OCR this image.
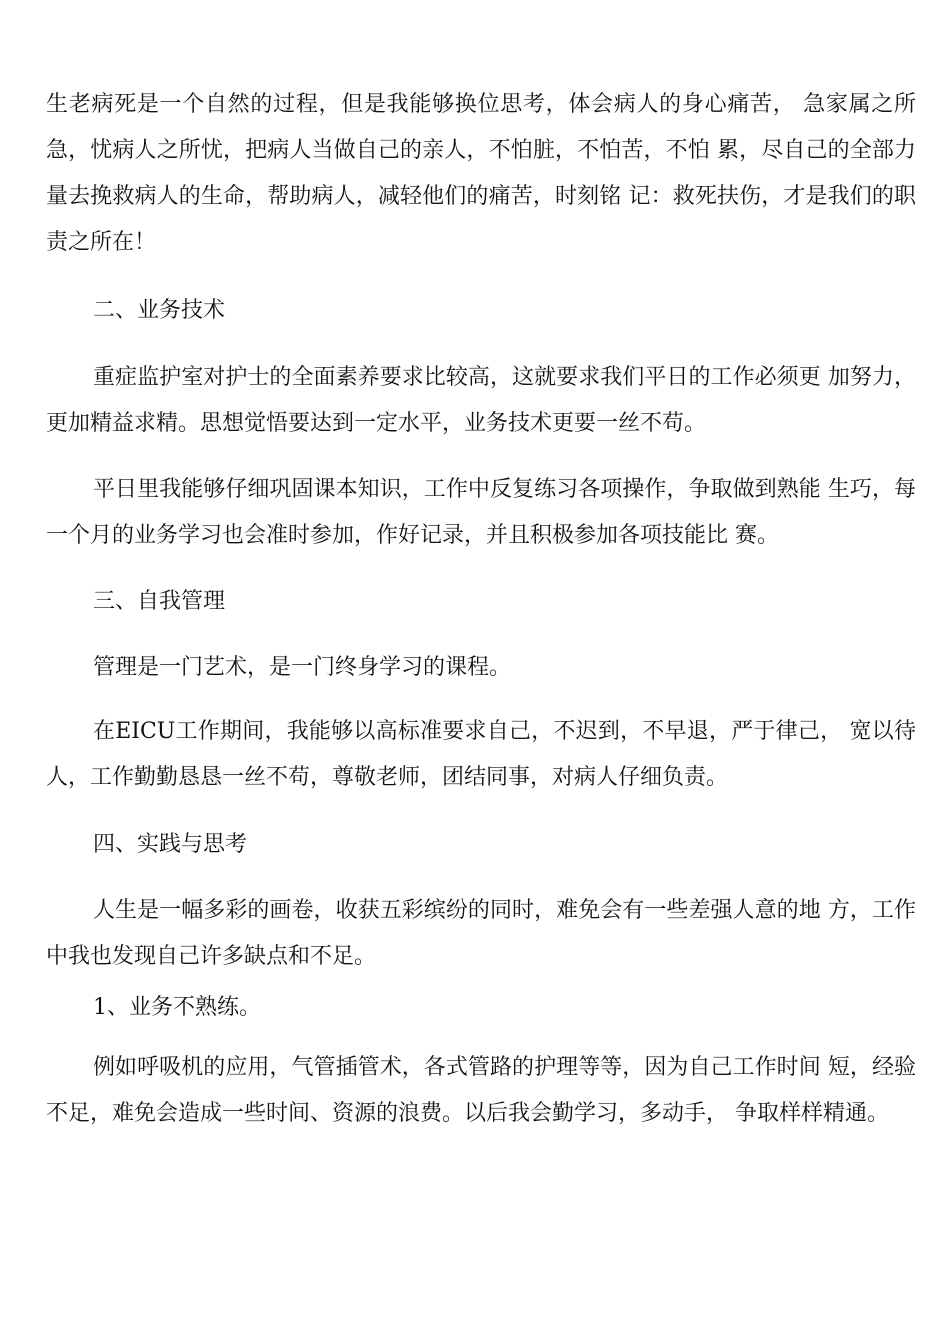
生老病死是一个自然的过程，但是我能够换位思考，体会病人的身心痛苦， 急家属之所急，忧病人之所忧，把病人当做自己的亲人，不怕脏，不怕苦，不怕 累，尽自己的全部力量去挽救病人的生命，帮助病人，减轻他们的痛苦，时刻铭 记：救死扶伤，才是我们的职责之所在！

二、业务技术

重症监护室对护士的全面素养要求比较高，这就要求我们平日的工作必须更 加努力，更加精益求精。思想觉悟要达到一定水平，业务技术更要一丝不苟。

平日里我能够仔细巩固课本知识，工作中反复练习各项操作，争取做到熟能 生巧，每一个月的业务学习也会准时参加，作好记录，并且积极参加各项技能比 赛。

三、自我管理

管理是一门艺术，是一门终身学习的课程。

在EICU工作期间，我能够以高标准要求自己，不迟到，不早退，严于律己， 宽以待人，工作勤勤恳恳一丝不苟，尊敬老师，团结同事，对病人仔细负责。

四、实践与思考

人生是一幅多彩的画卷，收获五彩缤纷的同时，难免会有一些差强人意的地 方，工作中我也发现自己许多缺点和不足。

1、业务不熟练。

例如呼吸机的应用，气管插管术，各式管路的护理等等，因为自己工作时间 短，经验不足，难免会造成一些时间、资源的浪费。以后我会勤学习，多动手， 争取样样精通。
